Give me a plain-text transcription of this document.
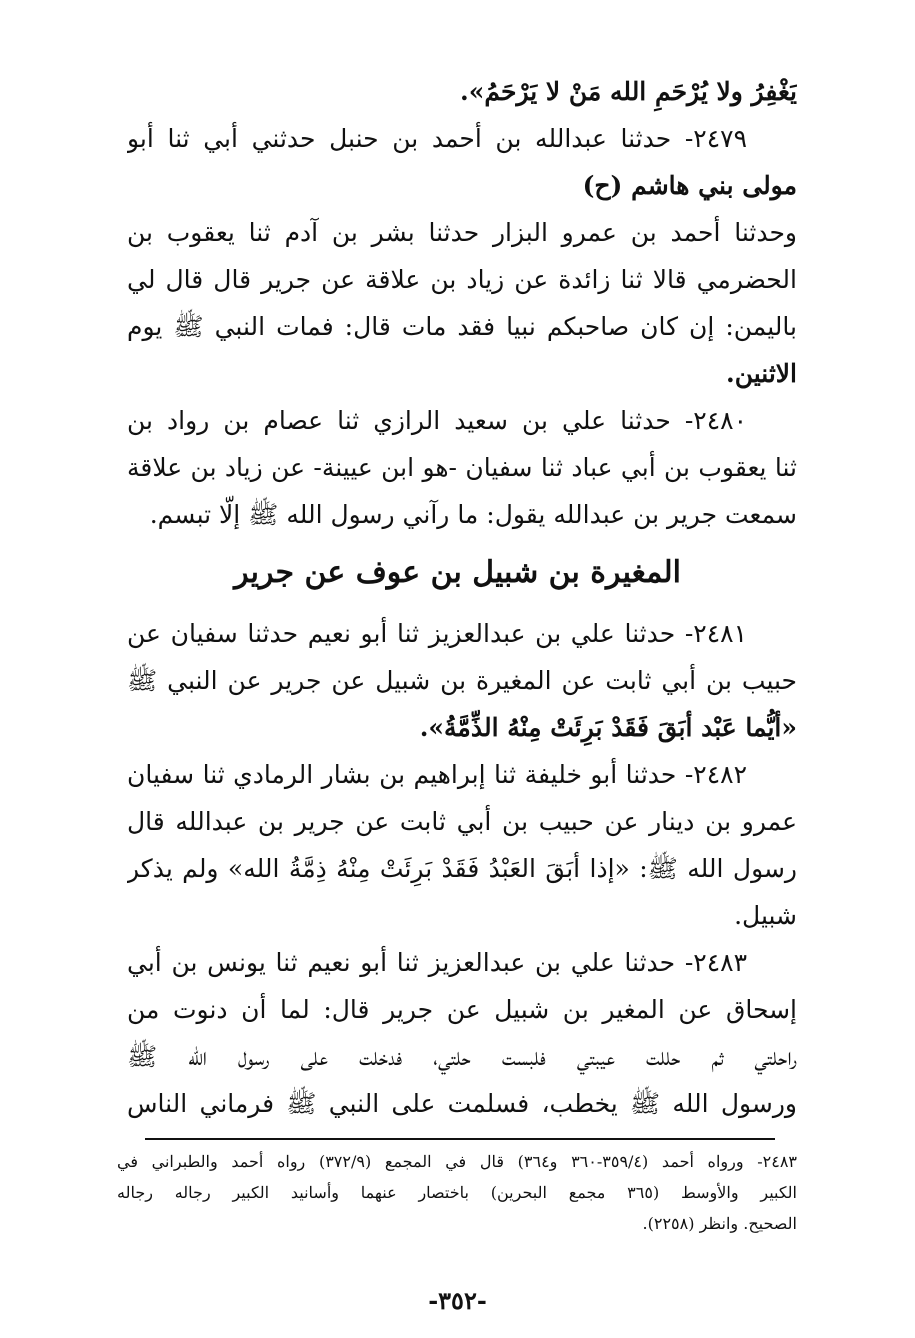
يَغْفِرُ ولا يُرْحَمِ الله مَنْ لا يَرْحَمُ».
٢٤٧٩- حدثنا عبدالله بن أحمد بن حنبل حدثني أبي ثنا أبو
مولى بني هاشم (ح)
وحدثنا أحمد بن عمرو البزار حدثنا بشر بن آدم ثنا يعقوب بن
الحضرمي قالا ثنا زائدة عن زياد بن علاقة عن جرير قال قال لي
باليمن: إن كان صاحبكم نبيا فقد مات قال: فمات النبي ﷺ يوم
الاثنين.
٢٤٨٠- حدثنا علي بن سعيد الرازي ثنا عصام بن رواد بن
ثنا يعقوب بن أبي عباد ثنا سفيان -هو ابن عيينة- عن زياد بن علاقة
سمعت جرير بن عبدالله يقول: ما رآني رسول الله ﷺ إلّا تبسم.
المغيرة بن شبيل بن عوف عن جرير
٢٤٨١- حدثنا علي بن عبدالعزيز ثنا أبو نعيم حدثنا سفيان عن
حبيب بن أبي ثابت عن المغيرة بن شبيل عن جرير عن النبي ﷺ
«أيُّما عَبْد أبَقَ فَقَدْ بَرِئَتْ مِنْهُ الذِّمَّةُ».
٢٤٨٢- حدثنا أبو خليفة ثنا إبراهيم بن بشار الرمادي ثنا سفيان
عمرو بن دينار عن حبيب بن أبي ثابت عن جرير بن عبدالله قال
رسول الله ﷺ: «إذا أبَقَ العَبْدُ فَقَدْ بَرِئَتْ مِنْهُ ذِمَّةُ الله» ولم يذكر
شبيل.
٢٤٨٣- حدثنا علي بن عبدالعزيز ثنا أبو نعيم ثنا يونس بن أبي
إسحاق عن المغير بن شبيل عن جرير قال: لما أن دنوت من
راحلتي ثم حللت عيبتي فلبست حلتي، فدخلت على رسول الله ﷺ
ورسول الله ﷺ يخطب، فسلمت على النبي ﷺ فرماني الناس
٢٤٨٣- ورواه أحمد (٣٥٩/٤-٣٦٠ و٣٦٤) قال في المجمع (٣٧٢/٩) رواه أحمد والطبراني في
الكبير والأوسط (٣٦٥ مجمع البحرين) باختصار عنهما وأسانيد الكبير رجاله رجاله
الصحيح. وانظر (٢٢٥٨).
-٣٥٢-
